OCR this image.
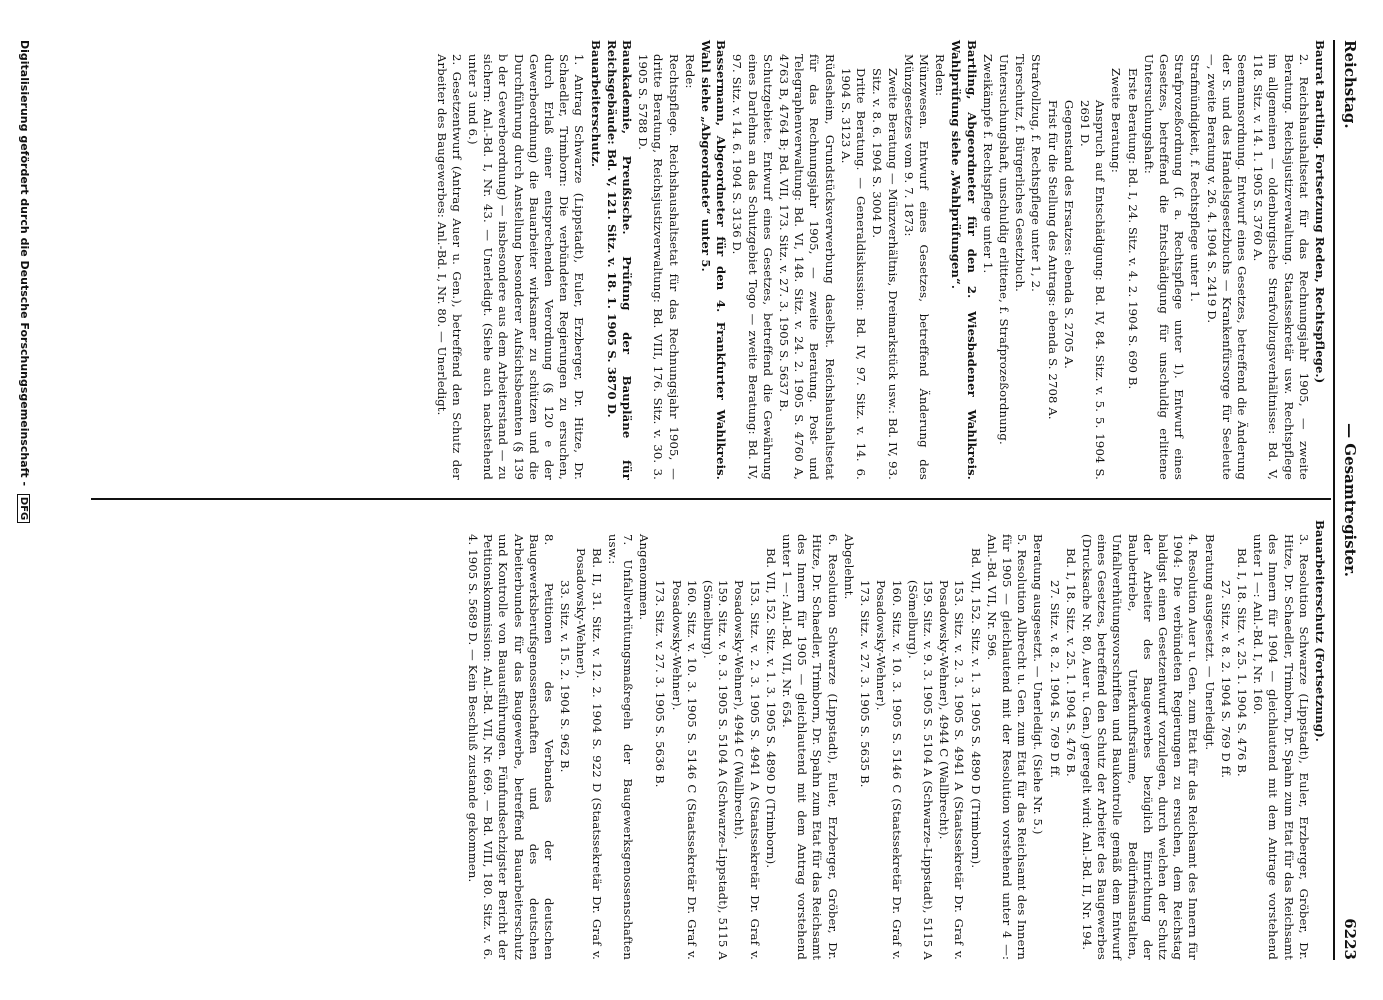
Reichstag.
— Gesamtregister.
6223

Baurat Bartling. Fortsetzung Reden, Rechtspflege.)

2. Reichshaushaltsetat für das Rechnungsjahr 1905, — zweite Beratung. Reichsjustizverwaltung. Staatssekretär usw. Rechtspflege im allgemeinen — oldenburgische Strafvollzugsverhältnisse: Bd. V, 118. Sitz. v. 14. 1. 1905 S. 3760 A.

Seemannsordnung. Entwurf eines Gesetzes, betreffend die Änderung der S. und des Handelsgesetzbuchs — Krankenfürsorge für Seeleute —, zweite Beratung v. 26. 4. 1904 S. 2419 D.

Strafmündigkeit, f. Rechtspflege unter 1.

Strafprozeßordnung (f. a. Rechtspflege unter 1). Entwurf eines Gesetzes, betreffend die Entschädigung für unschuldig erlittene Untersuchungshaft:

Erste Beratung: Bd. I, 24. Sitz. v. 4. 2. 1904 S. 690 B.

Zweite Beratung:

Anspruch auf Entschädigung: Bd. IV, 84. Sitz. v. 5. 5. 1904 S. 2691 D.

Gegenstand des Ersatzes: ebenda S. 2705 A.

Frist für die Stellung des Antrags: ebenda S. 2708 A.

Strafvollzug, f. Rechtspflege unter 1, 2.

Tierschutz, f. Bürgerliches Gesetzbuch.

Untersuchungshaft, unschuldig erlittene, f. Strafprozeßordnung.

Zweikämpfe f. Rechtspflege unter 1.

Bartling, Abgeordneter für den 2. Wiesbadener Wahlkreis. Wahlprüfung siehe „Wahlprüfungen“.

Reden:

Münzwesen. Entwurf eines Gesetzes, betreffend Änderung des Münzgesetzes vom 9. 7. 1873:

Zweite Beratung — Münzverhältnis, Dreimarkstück usw.: Bd. IV, 93. Sitz. v. 8. 6. 1904 S. 3004 D.

Dritte Beratung. — Generaldiskussion: Bd. IV, 97. Sitz. v. 14. 6. 1904 S. 3123 A.

Rüdesheim, Grundstücksverwerbung daselbst. Reichshaushaltsetat für das Rechnungsjahr 1905, — zweite Beratung. Post- und Telegraphenverwaltung: Bd. VI, 148. Sitz. v. 24. 2. 1905 S. 4760 A, 4763 B, 4764 B; Bd. VII, 173. Sitz. v. 27. 3. 1905 S. 5637 B.

Schutzgebiete. Entwurf eines Gesetzes, betreffend die Gewährung eines Darlehns an das Schutzgebiet Togo — zweite Beratung: Bd. IV, 97. Sitz. v. 14. 6. 1904 S. 3136 D.

Bassermann, Abgeordneter für den 4. Frankfurter Wahlkreis. Wahl siehe „Abgeordnete“ unter 5.

Rede:

Rechtspflege. Reichshaushaltsetat für das Rechnungsjahr 1905, — dritte Beratung, Reichsjustizverwaltung: Bd. VIII, 176. Sitz. v. 30. 3. 1905 S. 5788 D.

Bauakademie, Preußische. Prüfung der Baupläne für Reichsgebäude: Bd. V, 121. Sitz. v. 18. 1. 1905 S. 3870 D.

Bauarbeiterschutz.

1. Antrag Schwarze (Lippstadt), Euler, Erzberger, Dr. Hitze, Dr. Schaedler, Trimborn: Die verbündeten Regierungen zu ersuchen, durch Erlaß einer entsprechenden Verordnung (§ 120 e der Gewerbeordnung) die Bauarbeiter wirksamer zu schützen und die Durchführung durch Anstellung besonderer Aufsichtsbeamten (§ 139 b der Gewerbeordnung) — insbesondere aus dem Arbeiterstand — zu sichern: Anl.-Bd. I, Nr. 43. — Unerledigt. (Siehe auch nachstehend unter 3 und 6.)

2. Gesetzentwurf (Antrag Auer u. Gen.), betreffend den Schutz der Arbeiter des Baugewerbes: Anl.-Bd. I, Nr. 80. — Unerledigt.

Bauarbeiterschutz (Fortsetzung).

3. Resolution Schwarze (Lippstadt), Euler, Erzberger, Gröber, Dr. Hitze, Dr. Schaedler, Trimborn, Dr. Spahn zum Etat für das Reichsamt des Innern für 1904 — gleichlautend mit dem Antrage vorstehend unter 1 —: Anl.-Bd. I, Nr. 160.

Bd. I, 18. Sitz. v. 25. 1. 1904 S. 476 B.

27. Sitz. v. 8. 2. 1904 S. 769 D ff.

Beratung ausgesetzt. — Unerledigt.

4. Resolution Auer u. Gen. zum Etat für das Reichsamt des Innern für 1904: Die verbündeten Regierungen zu ersuchen, dem Reichstag baldigst einen Gesetzentwurf vorzulegen, durch welchen der Schutz der Arbeiter des Baugewerbes bezüglich Einrichtung der Baubetriebe, Unterkunftsräume, Bedürfnisanstalten, Unfallverhütungsvorschriften und Baukontrolle gemäß dem Entwurf eines Gesetzes, betreffend den Schutz der Arbeiter des Baugewerbes (Drucksache Nr. 80, Auer u. Gen.) geregelt wird: Anl.-Bd. II, Nr. 194.

Bd. I, 18. Sitz. v. 25. 1. 1904 S. 476 B.

27. Sitz. v. 8. 2. 1904 S. 769 D ff.

Beratung ausgesetzt. — Unerledigt. (Siehe Nr. 5.)

5. Resolution Albrecht u. Gen. zum Etat für das Reichsamt des Innern für 1905 — gleichlautend mit der Resolution vorstehend unter 4 —: Anl.-Bd. VII, Nr. 596.

Bd. VII, 152. Sitz. v. 1. 3. 1905 S. 4890 D (Trimborn).

153. Sitz. v. 2. 3. 1905 S. 4941 A (Staatssekretär Dr. Graf v. Posadowsky-Wehner), 4944 C (Wallbrecht).

159. Sitz. v. 9. 3. 1905 S. 5104 A (Schwarze-Lippstadt), 5115 A (Sömelburg).

160. Sitz. v. 10. 3. 1905 S. 5146 C (Staatssekretär Dr. Graf v. Posadowsky-Wehner).

173. Sitz. v. 27. 3. 1905 S. 5635 B.

Abgelehnt.

6. Resolution Schwarze (Lippstadt), Euler, Erzberger, Gröber, Dr. Hitze, Dr. Schaedler, Trimborn, Dr. Spahn zum Etat für das Reichsamt des Innern für 1905 — gleichlautend mit dem Antrag vorstehend unter 1 —: Anl.-Bd. VII, Nr. 654.

Bd. VII, 152. Sitz. v. 1. 3. 1905 S. 4890 D (Trimborn).

153. Sitz. v. 2. 3. 1905 S. 4941 A (Staatssekretär Dr. Graf v. Posadowsky-Wehner), 4944 C (Wallbrecht).

159. Sitz. v. 9. 3. 1905 S. 5104 A (Schwarze-Lippstadt), 5115 A (Sömelburg).

160. Sitz. v. 10. 3. 1905 S. 5146 C (Staatssekretär Dr. Graf v. Posadowsky-Wehner).

173. Sitz. v. 27. 3. 1905 S. 5636 B.

Angenommen.

7. Unfallverhütungsmaßregeln der Baugewerksgenossenschaften usw.:

Bd. II, 31. Sitz. v. 12. 2. 1904 S. 922 D (Staatssekretär Dr. Graf v. Posadowsky-Wehner).

33. Sitz. v. 15. 2. 1904 S. 962 B.

8. Petitionen des Verbandes der deutschen Baugewerksberufsgenossenschaften und des deutschen Arbeiterbundes für das Baugewerbe, betreffend Bauarbeiterschutz und Kontrolle von Bauausführungen. Fünfundsechzigster Bericht der Petitionskommission: Anl.-Bd. VII, Nr. 669. — Bd. VIII, 180. Sitz. v. 6. 4. 1905 S. 5689 D. — Kein Beschluß zustande gekommen.

Digitalisierung gefördert durch die Deutsche Forschungsgemeinschaft - DFG
